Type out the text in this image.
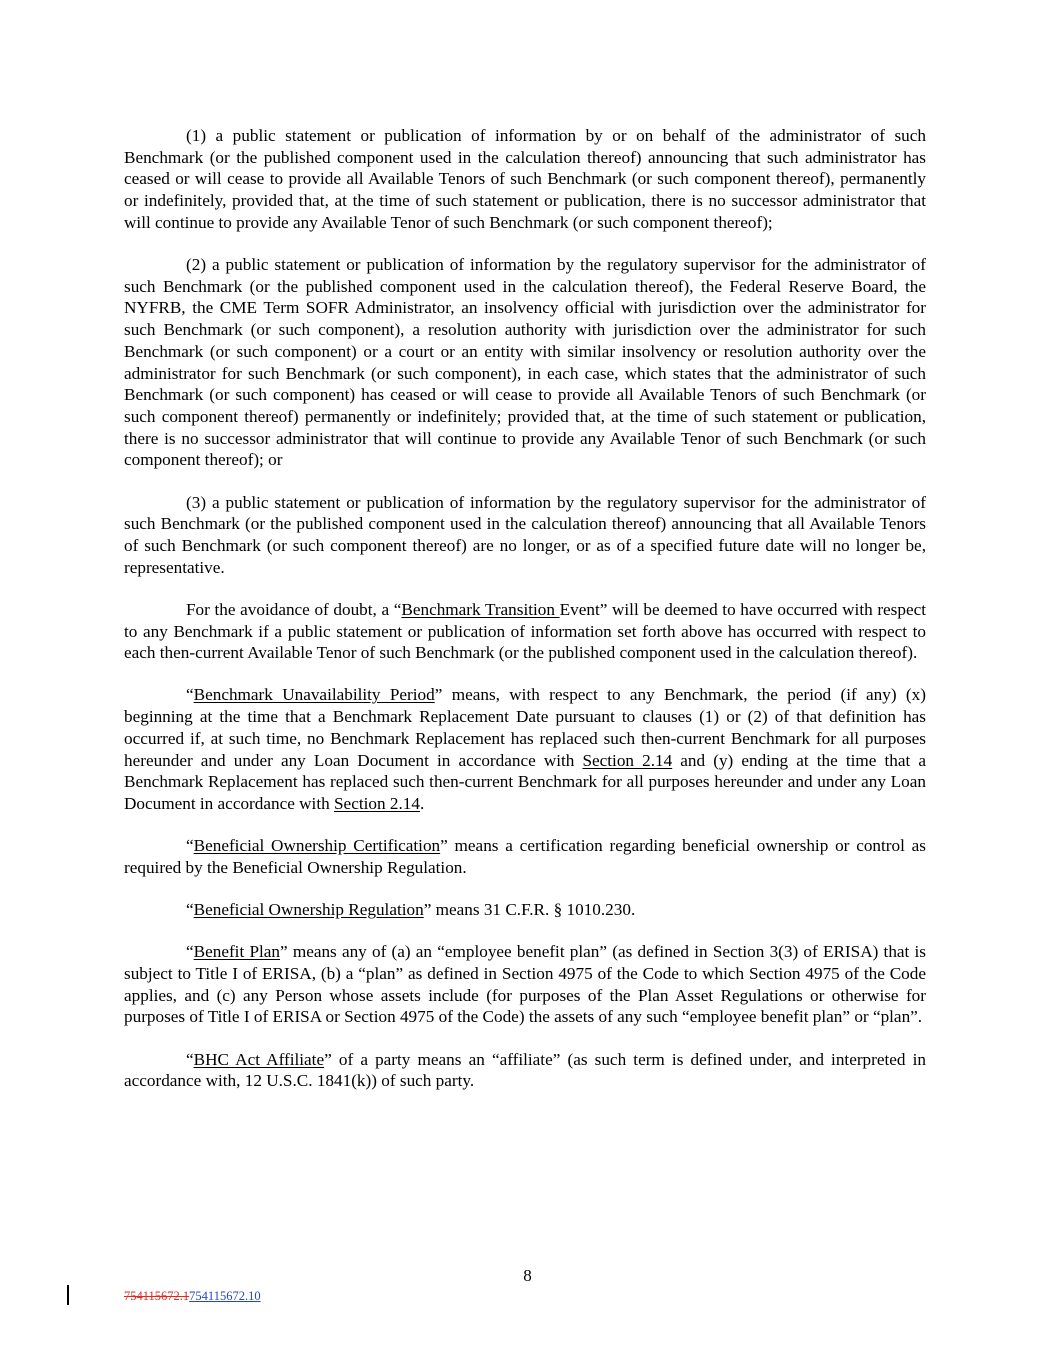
(1) a public statement or publication of information by or on behalf of the administrator of such Benchmark (or the published component used in the calculation thereof) announcing that such administrator has ceased or will cease to provide all Available Tenors of such Benchmark (or such component thereof), permanently or indefinitely, provided that, at the time of such statement or publication, there is no successor administrator that will continue to provide any Available Tenor of such Benchmark (or such component thereof);

(2) a public statement or publication of information by the regulatory supervisor for the administrator of such Benchmark (or the published component used in the calculation thereof), the Federal Reserve Board, the NYFRB, the CME Term SOFR Administrator, an insolvency official with jurisdiction over the administrator for such Benchmark (or such component), a resolution authority with jurisdiction over the administrator for such Benchmark (or such component) or a court or an entity with similar insolvency or resolution authority over the administrator for such Benchmark (or such component), in each case, which states that the administrator of such Benchmark (or such component) has ceased or will cease to provide all Available Tenors of such Benchmark (or such component thereof) permanently or indefinitely; provided that, at the time of such statement or publication, there is no successor administrator that will continue to provide any Available Tenor of such Benchmark (or such component thereof); or

(3) a public statement or publication of information by the regulatory supervisor for the administrator of such Benchmark (or the published component used in the calculation thereof) announcing that all Available Tenors of such Benchmark (or such component thereof) are no longer, or as of a specified future date will no longer be, representative.

For the avoidance of doubt, a “Benchmark Transition Event” will be deemed to have occurred with respect to any Benchmark if a public statement or publication of information set forth above has occurred with respect to each then-current Available Tenor of such Benchmark (or the published component used in the calculation thereof).

“Benchmark Unavailability Period” means, with respect to any Benchmark, the period (if any) (x) beginning at the time that a Benchmark Replacement Date pursuant to clauses (1) or (2) of that definition has occurred if, at such time, no Benchmark Replacement has replaced such then-current Benchmark for all purposes hereunder and under any Loan Document in accordance with Section 2.14 and (y) ending at the time that a Benchmark Replacement has replaced such then-current Benchmark for all purposes hereunder and under any Loan Document in accordance with Section 2.14.

“Beneficial Ownership Certification” means a certification regarding beneficial ownership or control as required by the Beneficial Ownership Regulation.

“Beneficial Ownership Regulation” means 31 C.F.R. § 1010.230.

“Benefit Plan” means any of (a) an “employee benefit plan” (as defined in Section 3(3) of ERISA) that is subject to Title I of ERISA, (b) a “plan” as defined in Section 4975 of the Code to which Section 4975 of the Code applies, and (c) any Person whose assets include (for purposes of the Plan Asset Regulations or otherwise for purposes of Title I of ERISA or Section 4975 of the Code) the assets of any such “employee benefit plan” or “plan”.

“BHC Act Affiliate” of a party means an “affiliate” (as such term is defined under, and interpreted in accordance with, 12 U.S.C. 1841(k)) of such party.

8
754115672.1754115672.10
